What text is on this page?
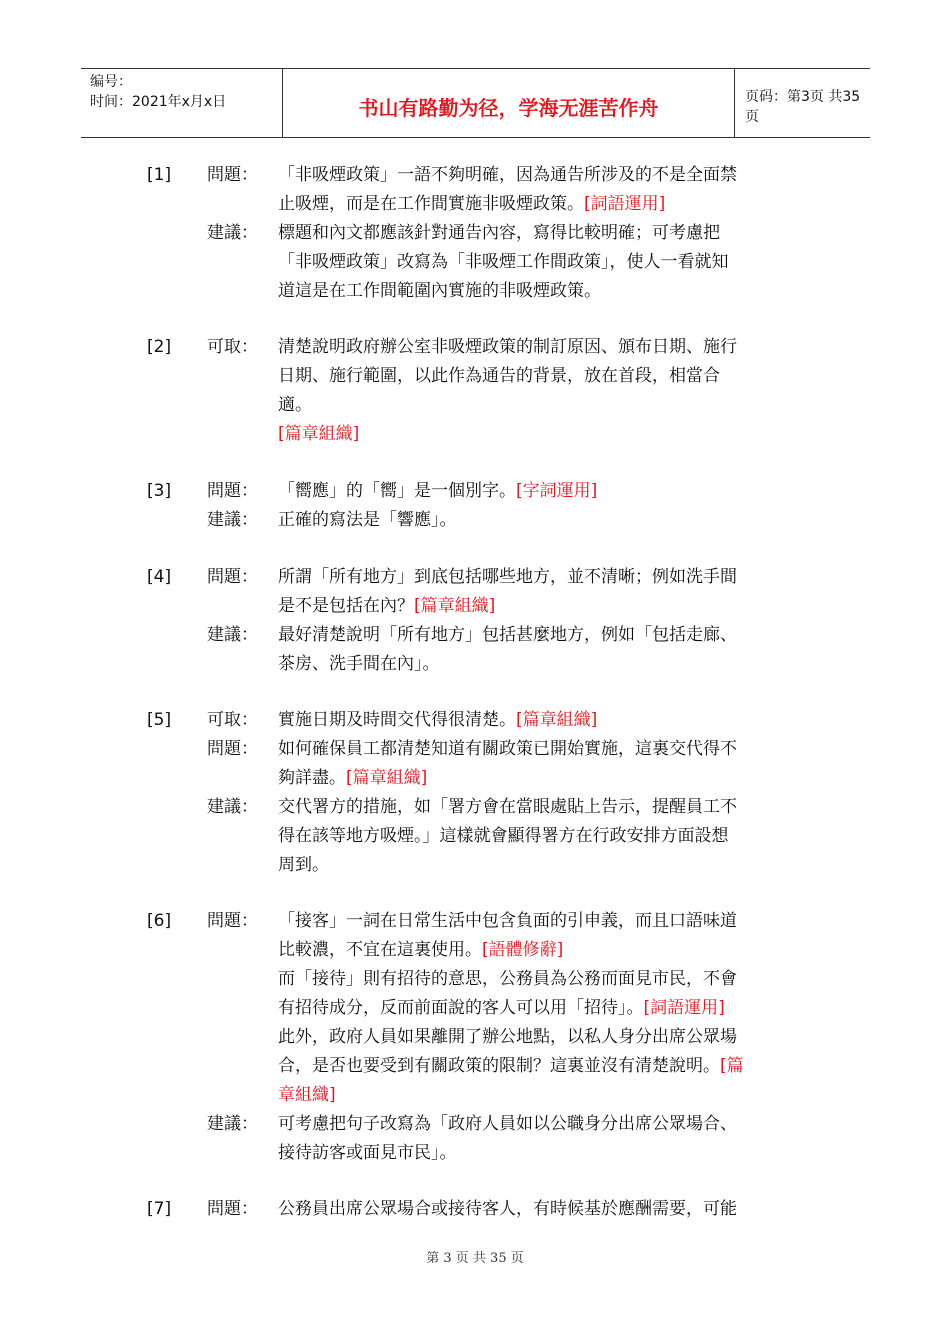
编号：
时间：2021年x月x日	书山有路勤为径，学海无涯苦作舟	页码：第3页 共35页
[1] 問題： 「非吸煙政策」一語不夠明確，因為通告所涉及的不是全面禁
止吸煙，而是在工作間實施非吸煙政策。[詞語運用]
建議： 標題和內文都應該針對通告內容，寫得比較明確；可考慮把
「非吸煙政策」改寫為「非吸煙工作間政策」，使人一看就知
道這是在工作間範圍內實施的非吸煙政策。
[2] 可取： 清楚說明政府辦公室非吸煙政策的制訂原因、頒布日期、施行
日期、施行範圍，以此作為通告的背景，放在首段，相當合
適。
[篇章組織]
[3] 問題： 「嚮應」的「嚮」是一個別字。[字詞運用]
建議： 正確的寫法是「響應」。
[4] 問題： 所謂「所有地方」到底包括哪些地方，並不清晰；例如洗手間
是不是包括在內？[篇章組織]
建議： 最好清楚說明「所有地方」包括甚麼地方，例如「包括走廊、
茶房、洗手間在內」。
[5] 可取： 實施日期及時間交代得很清楚。[篇章組織]
問題： 如何確保員工都清楚知道有關政策已開始實施，這裏交代得不
夠詳盡。[篇章組織]
建議： 交代署方的措施，如「署方會在當眼處貼上告示，提醒員工不
得在該等地方吸煙。」這樣就會顯得署方在行政安排方面設想
周到。
[6] 問題： 「接客」一詞在日常生活中包含負面的引申義，而且口語味道
比較濃，不宜在這裏使用。[語體修辭]
而「接待」則有招待的意思，公務員為公務而面見市民，不會
有招待成分，反而前面說的客人可以用「招待」。[詞語運用]
此外，政府人員如果離開了辦公地點，以私人身分出席公眾場
合，是否也要受到有關政策的限制？這裏並沒有清楚說明。[篇
章組織]
建議： 可考慮把句子改寫為「政府人員如以公職身分出席公眾場合、
接待訪客或面見市民」。
[7] 問題： 公務員出席公眾場合或接待客人，有時候基於應酬需要，可能
第 3 页 共 35 页
